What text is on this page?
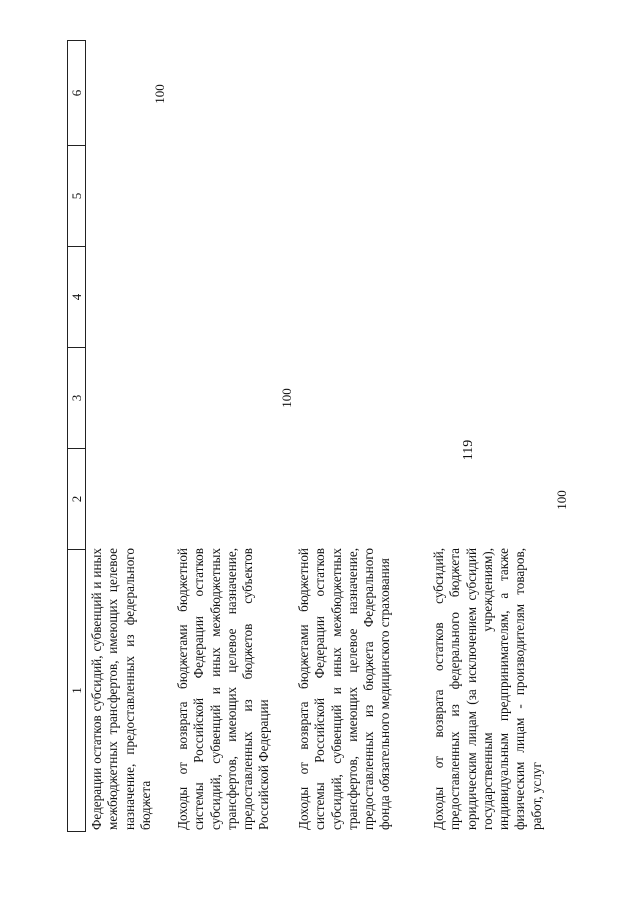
119
1
2
3
4
5
6
Федерации остатков субсидий, субвенций и иных межбюджетных трансфертов, имеющих целевое назначение, предоставленных из федерального бюджета
100
Доходы от возврата бюджетами бюджетной системы Российской Федерации остатков субсидий, субвенций и иных межбюджетных трансфертов, имеющих целевое назначение, предоставленных из бюджетов субъектов Российской Федерации
100
Доходы от возврата бюджетами бюджетной системы Российской Федерации остатков субсидий, субвенций и иных межбюджетных трансфертов, имеющих целевое назначение, предоставленных из бюджета Федерального фонда обязательного медицинского страхования	Доходы от возврата остатков субсидий, предоставленных из федерального бюджета юридическим лицам (за исключением субсидий государственным учреждениям), индивидуальным предпринимателям, а также физическим лицам - производителям товаров, работ, услуг
100
